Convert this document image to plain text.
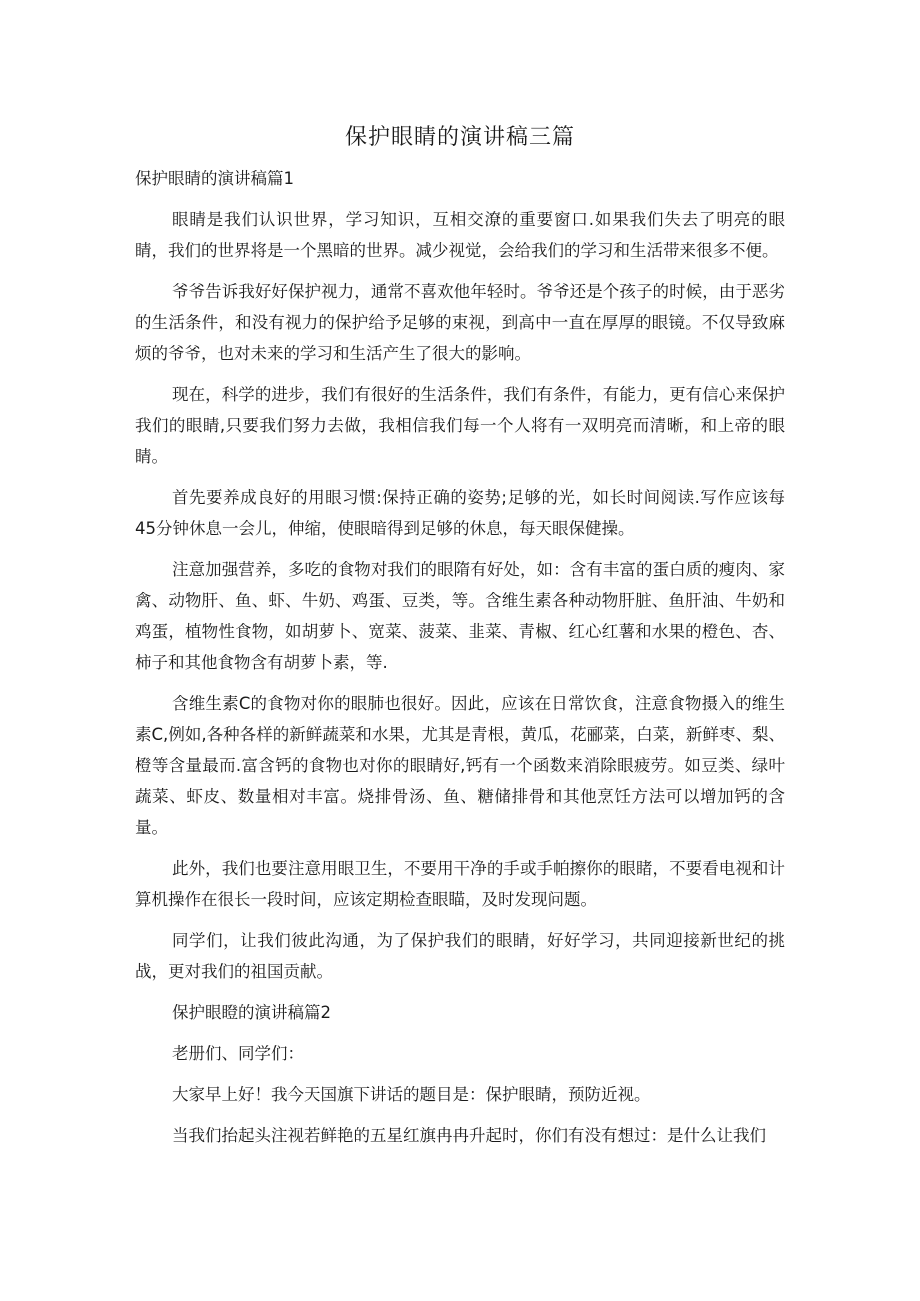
保护眼睛的演讲稿三篇

保护眼睛的演讲稿篇1

眼睛是我们认识世界，学习知识，互相交潦的重要窗口.如果我们失去了明亮的眼睛，我们的世界将是一个黑暗的世界。减少视觉，会给我们的学习和生活带来很多不便。

爷爷告诉我好好保护视力，通常不喜欢他年轻时。爷爷还是个孩子的时候，由于恶劣的生活条件，和没有视力的保护给予足够的束视，到高中一直在厚厚的眼镜。不仅导致麻烦的爷爷，也对未来的学习和生活产生了很大的影响。

现在，科学的进步，我们有很好的生活条件，我们有条件，有能力，更有信心来保护我们的眼睛,只要我们努力去做，我相信我们每一个人将有一双明亮而清晰，和上帝的眼睛。

首先要养成良好的用眼习惯:保持正确的姿势;足够的光，如长时间阅读.写作应该每45分钟休息一会儿，伸缩，使眼暗得到足够的休息，每天眼保健操。

注意加强营养，多吃的食物对我们的眼隋有好处，如：含有丰富的蛋白质的瘦肉、家禽、动物肝、鱼、虾、牛奶、鸡蛋、豆类，等。含维生素各种动物肝脏、鱼肝油、牛奶和鸡蛋，植物性食物，如胡萝卜、宽菜、菠菜、韭菜、青椒、红心红薯和水果的橙色、杏、柿子和其他食物含有胡萝卜素，等.

含维生素C的食物对你的眼肺也很好。因此，应该在日常饮食，注意食物摄入的维生素C,例如,各种各样的新鲜蔬菜和水果，尤其是青根，黄瓜，花郦菜，白菜，新鲜枣、梨、橙等含量最而.富含钙的食物也对你的眼睛好,钙有一个函数来消除眼疲劳。如豆类、绿叶蔬菜、虾皮、数量相对丰富。烧排骨汤、鱼、糖储排骨和其他烹饪方法可以增加钙的含量。

此外，我们也要注意用眼卫生，不要用干净的手或手帕擦你的眼睹，不要看电视和计算机操作在很长一段时间，应该定期检查眼瞄，及时发现问题。

同学们，让我们彼此沟通，为了保护我们的眼睛，好好学习，共同迎接新世纪的挑战，更对我们的祖国贡献。

保护眼瞪的演讲稿篇2

老册们、同学们：

大家早上好！我今天国旗下讲话的题目是：保护眼睛，预防近视。

当我们抬起头注视若鲜艳的五星红旗冉冉升起时，你们有没有想过：是什么让我们
